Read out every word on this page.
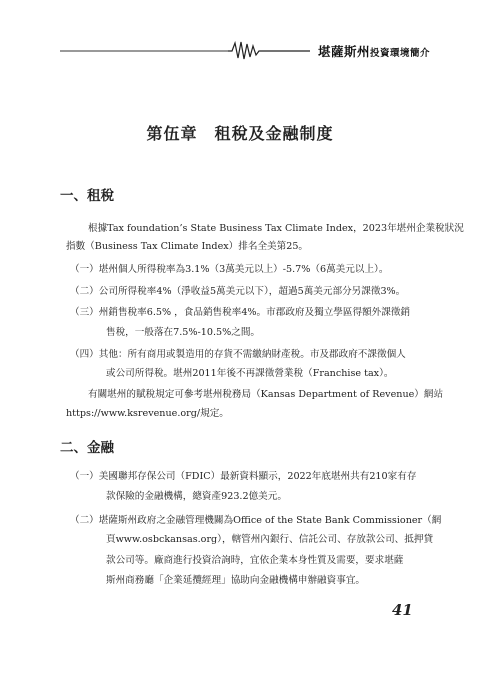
堪薩斯州投資環境簡介
第伍章　租稅及金融制度
一、租稅
根據Tax foundation’s State Business Tax Climate Index，2023年堪州企業稅狀況
指數（Business Tax Climate Index）排名全美第25。
（一）堪州個人所得稅率為3.1%（3萬美元以上）-5.7%（6萬美元以上）。
（二）公司所得稅率4%（淨收益5萬美元以下），超過5萬美元部分另課徵3%。
（三）州銷售稅率6.5% ，食品銷售稅率4%。市郡政府及獨立學區得額外課徵銷
售稅，一般落在7.5%-10.5%之間。
（四）其他：所有商用或製造用的存貨不需繳納財產稅。市及郡政府不課徵個人
或公司所得稅。堪州2011年後不再課徵營業稅（Franchise tax）。
有關堪州的賦稅規定可參考堪州稅務局（Kansas Department of Revenue）網站
https://www.ksrevenue.org/規定。
二、金融
（一）美國聯邦存保公司（FDIC）最新資料顯示，2022年底堪州共有210家有存
款保險的金融機構，總資產923.2億美元。
（二）堪薩斯州政府之金融管理機關為Office of the State Bank Commissioner（網
頁www.osbckansas.org），轄管州內銀行、信託公司、存放款公司、抵押貸
款公司等。廠商進行投資洽詢時，宜依企業本身性質及需要，要求堪薩
斯州商務廳「企業延攬經理」協助向金融機構申辦融資事宜。
41
